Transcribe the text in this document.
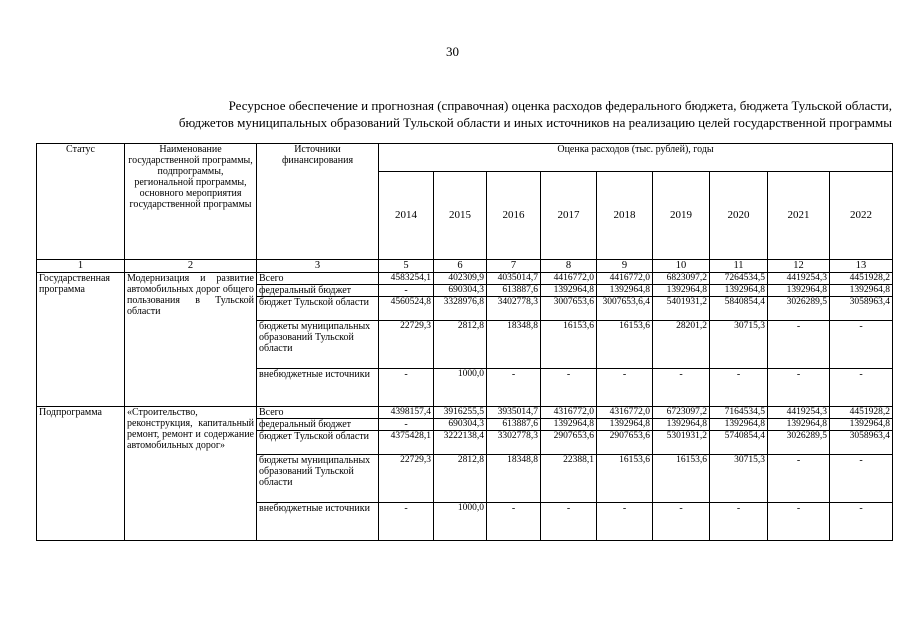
30
Ресурсное обеспечение и прогнозная (справочная) оценка расходов федерального бюджета, бюджета Тульской области,
бюджетов муниципальных образований Тульской области и иных источников на реализацию целей государственной программы
Статус	Наименование государственной программы, подпрограммы, региональной программы, основного мероприятия государственной программы	Источники финансирования	Оценка расходов (тыс. рублей), годы								
			2014	2015	2016	2017	2018	2019	2020	2021	2022
1	2	3	5	6	7	8	9	10	11	12	13
Государственная программа	Модернизация и развитие автомобильных дорог общего пользования в Тульской области	Всего	4583254,1	402309,9	4035014,7	4416772,0	4416772,0	6823097,2	7264534,5	4419254,3	4451928,2
		федеральный бюджет	-	690304,3	613887,6	1392964,8	1392964,8	1392964,8	1392964,8	1392964,8	1392964,8
		бюджет Тульской области	4560524,8	3328976,8	3402778,3	3007653,6	3007653,6,4	5401931,2	5840854,4	3026289,5	3058963,4
		бюджеты муниципальных образований Тульской области	22729,3	2812,8	18348,8	16153,6	16153,6	28201,2	30715,3	-	-
		внебюджетные источники	-	1000,0	-	-	-	-	-	-	-
Подпрограмма	«Строительство, реконструкция, капитальный ремонт, ремонт и содержание автомобильных дорог»	Всего	4398157,4	3916255,5	3935014,7	4316772,0	4316772,0	6723097,2	7164534,5	4419254,3	4451928,2
		федеральный бюджет	-	690304,3	613887,6	1392964,8	1392964,8	1392964,8	1392964,8	1392964,8	1392964,8
		бюджет Тульской области	4375428,1	3222138,4	3302778,3	2907653,6	2907653,6	5301931,2	5740854,4	3026289,5	3058963,4
		бюджеты муниципальных образований Тульской области	22729,3	2812,8	18348,8	22388,1	16153,6	16153,6	30715,3	-	-
		внебюджетные источники	-	1000,0	-	-	-	-	-	-	-
